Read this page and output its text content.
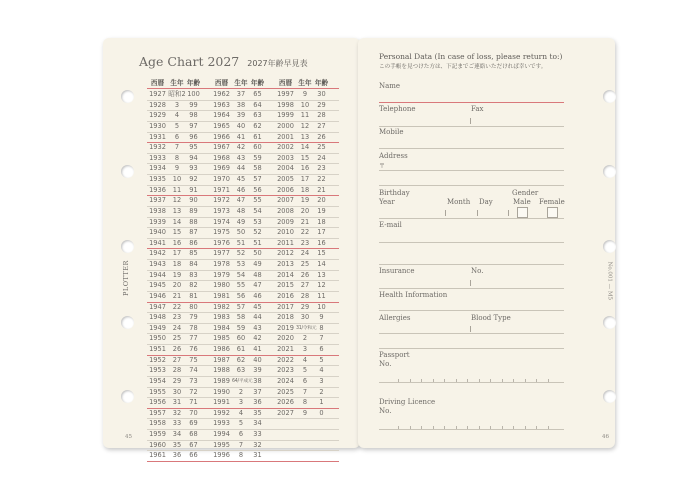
Age Chart 2027 2027年齢早見表
西暦 生年 年齢	西暦 生年 年齢	西暦 生年 年齢
1927 昭和2 100	1962	37	65	1997	9	30
1928	3	99	1963	38	64	1998	10	29
1929	4	98	1964	39	63	1999	11	28
1930	5	97	1965	40	62	2000	12	27
1931	6	96	1966	41	61	2001	13	26
1932	7	95	1967	42	60	2002	14	25
1933	8	94	1968	43	59	2003	15	24
1934	9	93	1969	44	58	2004	16	23
1935	10	92	1970	45	57	2005	17	22
1936	11	91	1971	46	56	2006	18	21
1937	12	90	1972	47	55	2007	19	20
1938	13	89	1973	48	54	2008	20	19
1939	14	88	1974	49	53	2009	21	18
1940	15	87	1975	50	52	2010	22	17
1941	16	86	1976	51	51	2011	23	16
1942	17	85	1977	52	50	2012	24	15
1943	18	84	1978	53	49	2013	25	14
1944	19	83	1979	54	48	2014	26	13
1945	20	82	1980	55	47	2015	27	12
1946	21	81	1981	56	46	2016	28	11
1947	22	80	1982	57	45	2017	29	10
1948	23	79	1983	58	44	2018	30	9
1949	24	78	1984	59	43	2019 31/令和元 8
1950	25	77	1985	60	42	2020	2	7
1951	26	76	1986	61	41	2021	3	6
1952	27	75	1987	62	40	2022	4	5
1953	28	74	1988	63	39	2023	5	4
1954	29	73	1989 64/平成元 38	2024	6	3
1955	30	72	1990	2	37	2025	7	2
1956	31	71	1991	3	36	2026	8	1
1957	32	70	1992	4	35	2027	9	0
1958	33	69	1993	5	34
1959	34	68	1994	6	33
1960	35	67	1995	7	32
1961	36	66	1996	8	31
PLOTTER
45
Personal Data (In case of loss, please return to:)
この手帳を見つけた方は、下記までご連絡いただければ幸いです。
Name
Telephone	Fax
Mobile
Address
〒
Birthday	Gender
Year	Month Day	Male Female
E-mail
Insurance	No.
Health Information
Allergies	Blood Type
Passport
No.
Driving Licence
No.
No.001 — M5
46
